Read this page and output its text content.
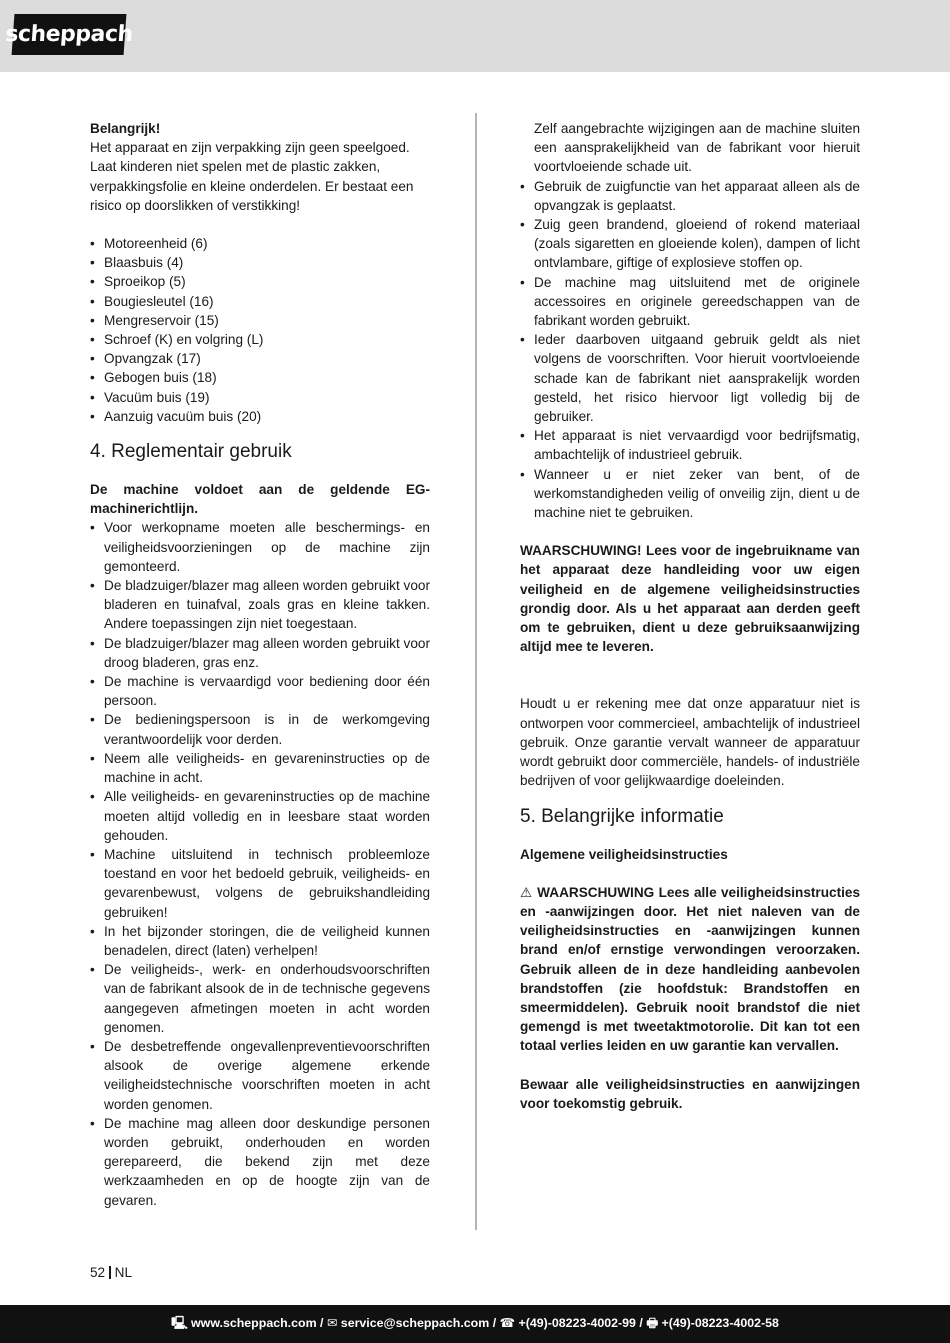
scheppach

Belangrijk!

Het apparaat en zijn verpakking zijn geen speelgoed. Laat kinderen niet spelen met de plastic zakken, verpakkingsfolie en kleine onderdelen. Er bestaat een risico op doorslikken of verstikking!

• Motoreenheid (6)
• Blaasbuis (4)
• Sproeikop (5)
• Bougiesleutel (16)
• Mengreservoir (15)
• Schroef (K) en volgring (L)
• Opvangzak (17)
• Gebogen buis (18)
• Vacuüm buis (19)
• Aanzuig vacuüm buis (20)
4. Reglementair gebruik

De machine voldoet aan de geldende EG-machinerichtlijn.

• Voor werkopname moeten alle beschermings- en veiligheidsvoorzieningen op de machine zijn gemonteerd.
• De bladzuiger/blazer mag alleen worden gebruikt voor bladeren en tuinafval, zoals gras en kleine takken. Andere toepassingen zijn niet toegestaan.
• De bladzuiger/blazer mag alleen worden gebruikt voor droog bladeren, gras enz.
• De machine is vervaardigd voor bediening door één persoon.
• De bedieningspersoon is in de werkomgeving verantwoordelijk voor derden.
• Neem alle veiligheids- en gevareninstructies op de machine in acht.
• Alle veiligheids- en gevareninstructies op de machine moeten altijd volledig en in leesbare staat worden gehouden.
• Machine uitsluitend in technisch probleemloze toestand en voor het bedoeld gebruik, veiligheids- en gevarenbewust, volgens de gebruikshandleiding gebruiken!
• In het bijzonder storingen, die de veiligheid kunnen benadelen, direct (laten) verhelpen!
• De veiligheids-, werk- en onderhoudsvoorschriften van de fabrikant alsook de in de technische gegevens aangegeven afmetingen moeten in acht worden genomen.
• De desbetreffende ongevallenpreventievoorschriften alsook de overige algemene erkende veiligheidstechnische voorschriften moeten in acht worden genomen.
• De machine mag alleen door deskundige personen worden gebruikt, onderhouden en worden gerepareerd, die bekend zijn met deze werkzaamheden en op de hoogte zijn van de gevaren.

Zelf aangebrachte wijzigingen aan de machine sluiten een aansprakelijkheid van de fabrikant voor hieruit voortvloeiende schade uit.

• Gebruik de zuigfunctie van het apparaat alleen als de opvangzak is geplaatst.
• Zuig geen brandend, gloeiend of rokend materiaal (zoals sigaretten en gloeiende kolen), dampen of licht ontvlambare, giftige of explosieve stoffen op.
• De machine mag uitsluitend met de originele accessoires en originele gereedschappen van de fabrikant worden gebruikt.
• Ieder daarboven uitgaand gebruik geldt als niet volgens de voorschriften. Voor hieruit voortvloeiende schade kan de fabrikant niet aansprakelijk worden gesteld, het risico hiervoor ligt volledig bij de gebruiker.
• Het apparaat is niet vervaardigd voor bedrijfsmatig, ambachtelijk of industrieel gebruik.
• Wanneer u er niet zeker van bent, of de werkomstandigheden veilig of onveilig zijn, dient u de machine niet te gebruiken.

WAARSCHUWING! Lees voor de ingebruikname van het apparaat deze handleiding voor uw eigen veiligheid en de algemene veiligheidsinstructies grondig door. Als u het apparaat aan derden geeft om te gebruiken, dient u deze gebruiksaanwijzing altijd mee te leveren.

Houdt u er rekening mee dat onze apparatuur niet is ontworpen voor commercieel, ambachtelijk of industrieel gebruik. Onze garantie vervalt wanneer de apparatuur wordt gebruikt door commerciële, handels- of industriële bedrijven of voor gelijkwaardige doeleinden.

5. Belangrijke informatie

Algemene veiligheidsinstructies

⚠ WAARSCHUWING Lees alle veiligheidsinstructies en -aanwijzingen door. Het niet naleven van de veiligheidsinstructies en -aanwijzingen kunnen brand en/of ernstige verwondingen veroorzaken. Gebruik alleen de in deze handleiding aanbevolen brandstoffen (zie hoofdstuk: Brandstoffen en smeermiddelen). Gebruik nooit brandstof die niet gemengd is met tweetaktmotorolie. Dit kan tot een totaal verlies leiden en uw garantie kan vervallen.

Bewaar alle veiligheidsinstructies en aanwijzingen voor toekomstig gebruik.

52 NL
🖳 www.scheppach.com / ✉ service@scheppach.com / ☎ +(49)-08223-4002-99 / 🖶 +(49)-08223-4002-58
